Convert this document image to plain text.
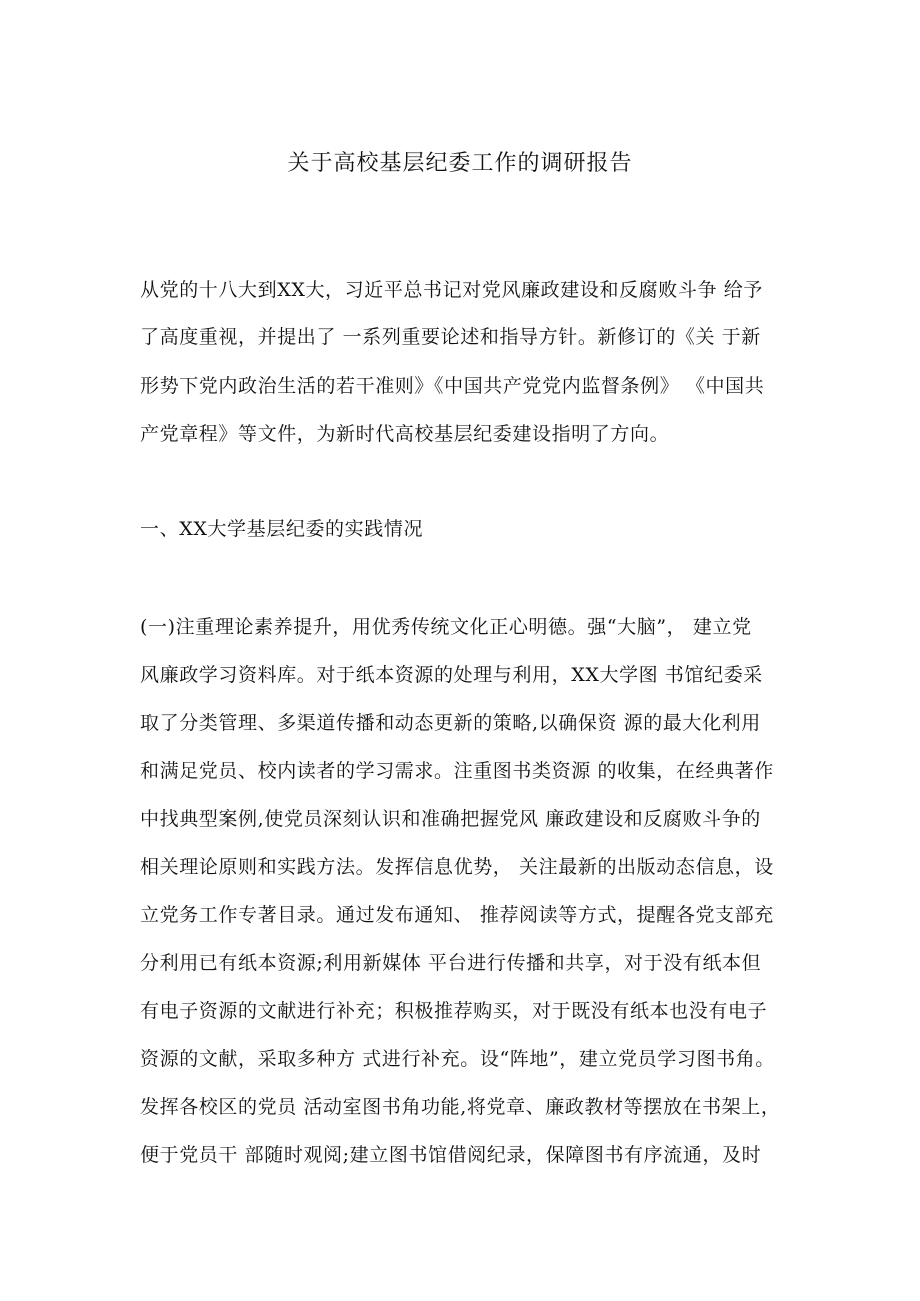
关于高校基层纪委工作的调研报告
从党的十八大到XX大，习近平总书记对党风廉政建设和反腐败斗争 给予
了高度重视，并提出了 一系列重要论述和指导方针。新修订的《关 于新
形势下党内政治生活的若干准则》《中国共产党党内监督条例》 《中国共
产党章程》等文件，为新时代高校基层纪委建设指明了方向。
一、XX大学基层纪委的实践情况
(一)注重理论素养提升，用优秀传统文化正心明德。强“大脑”， 建立党
风廉政学习资料库。对于纸本资源的处理与利用，XX大学图 书馆纪委采
取了分类管理、多渠道传播和动态更新的策略,以确保资 源的最大化利用
和满足党员、校内读者的学习需求。注重图书类资源 的收集，在经典著作
中找典型案例,使党员深刻认识和准确把握党风 廉政建设和反腐败斗争的
相关理论原则和实践方法。发挥信息优势， 关注最新的出版动态信息，设
立党务工作专著目录。通过发布通知、 推荐阅读等方式，提醒各党支部充
分利用已有纸本资源;利用新媒体 平台进行传播和共享，对于没有纸本但
有电子资源的文献进行补充；积极推荐购买，对于既没有纸本也没有电子
资源的文献，采取多种方 式进行补充。设“阵地”，建立党员学习图书角。
发挥各校区的党员 活动室图书角功能,将党章、廉政教材等摆放在书架上，
便于党员干 部随时观阅;建立图书馆借阅纪录，保障图书有序流通，及时
